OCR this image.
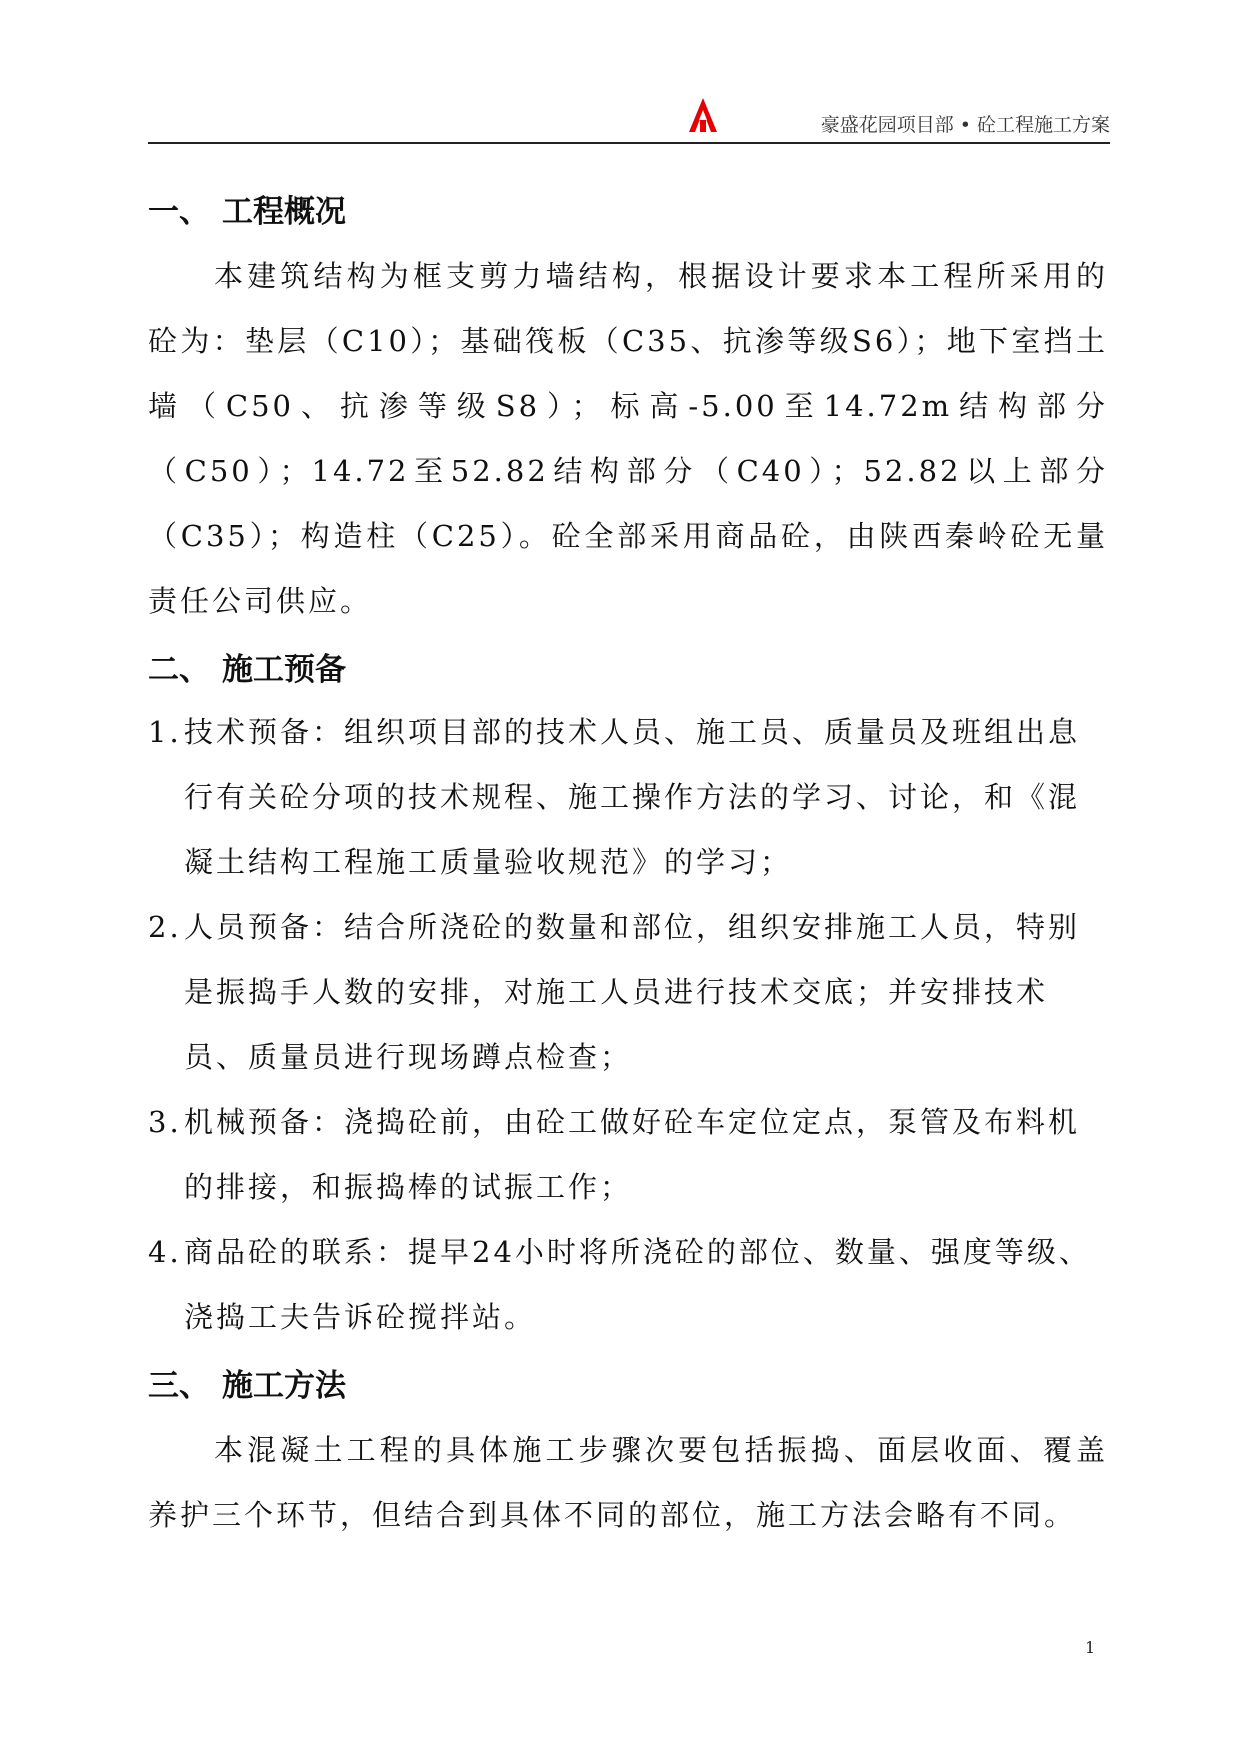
豪盛花园项目部 • 砼工程施工方案
一、 工程概况

本建筑结构为框支剪力墙结构，根据设计要求本工程所采用的砼为：垫层（C10）；基础筏板（C35、抗渗等级S6）；地下室挡土墙（C50、抗渗等级S8）；标高-5.00至14.72m结构部分（C50）；14.72至52.82结构部分（C40）；52.82以上部分（C35）；构造柱（C25）。砼全部采用商品砼，由陕西秦岭砼无量责任公司供应。

二、 施工预备
1. 技术预备：组织项目部的技术人员、施工员、质量员及班组出息行有关砼分项的技术规程、施工操作方法的学习、讨论，和《混凝土结构工程施工质量验收规范》的学习；
2. 人员预备：结合所浇砼的数量和部位，组织安排施工人员，特别是振捣手人数的安排，对施工人员进行技术交底；并安排技术员、质量员进行现场蹲点检查；
3. 机械预备：浇捣砼前，由砼工做好砼车定位定点，泵管及布料机的排接，和振捣棒的试振工作；
4. 商品砼的联系：提早24小时将所浇砼的部位、数量、强度等级、浇捣工夫告诉砼搅拌站。
三、 施工方法

本混凝土工程的具体施工步骤次要包括振捣、面层收面、覆盖养护三个环节，但结合到具体不同的部位，施工方法会略有不同。

1
